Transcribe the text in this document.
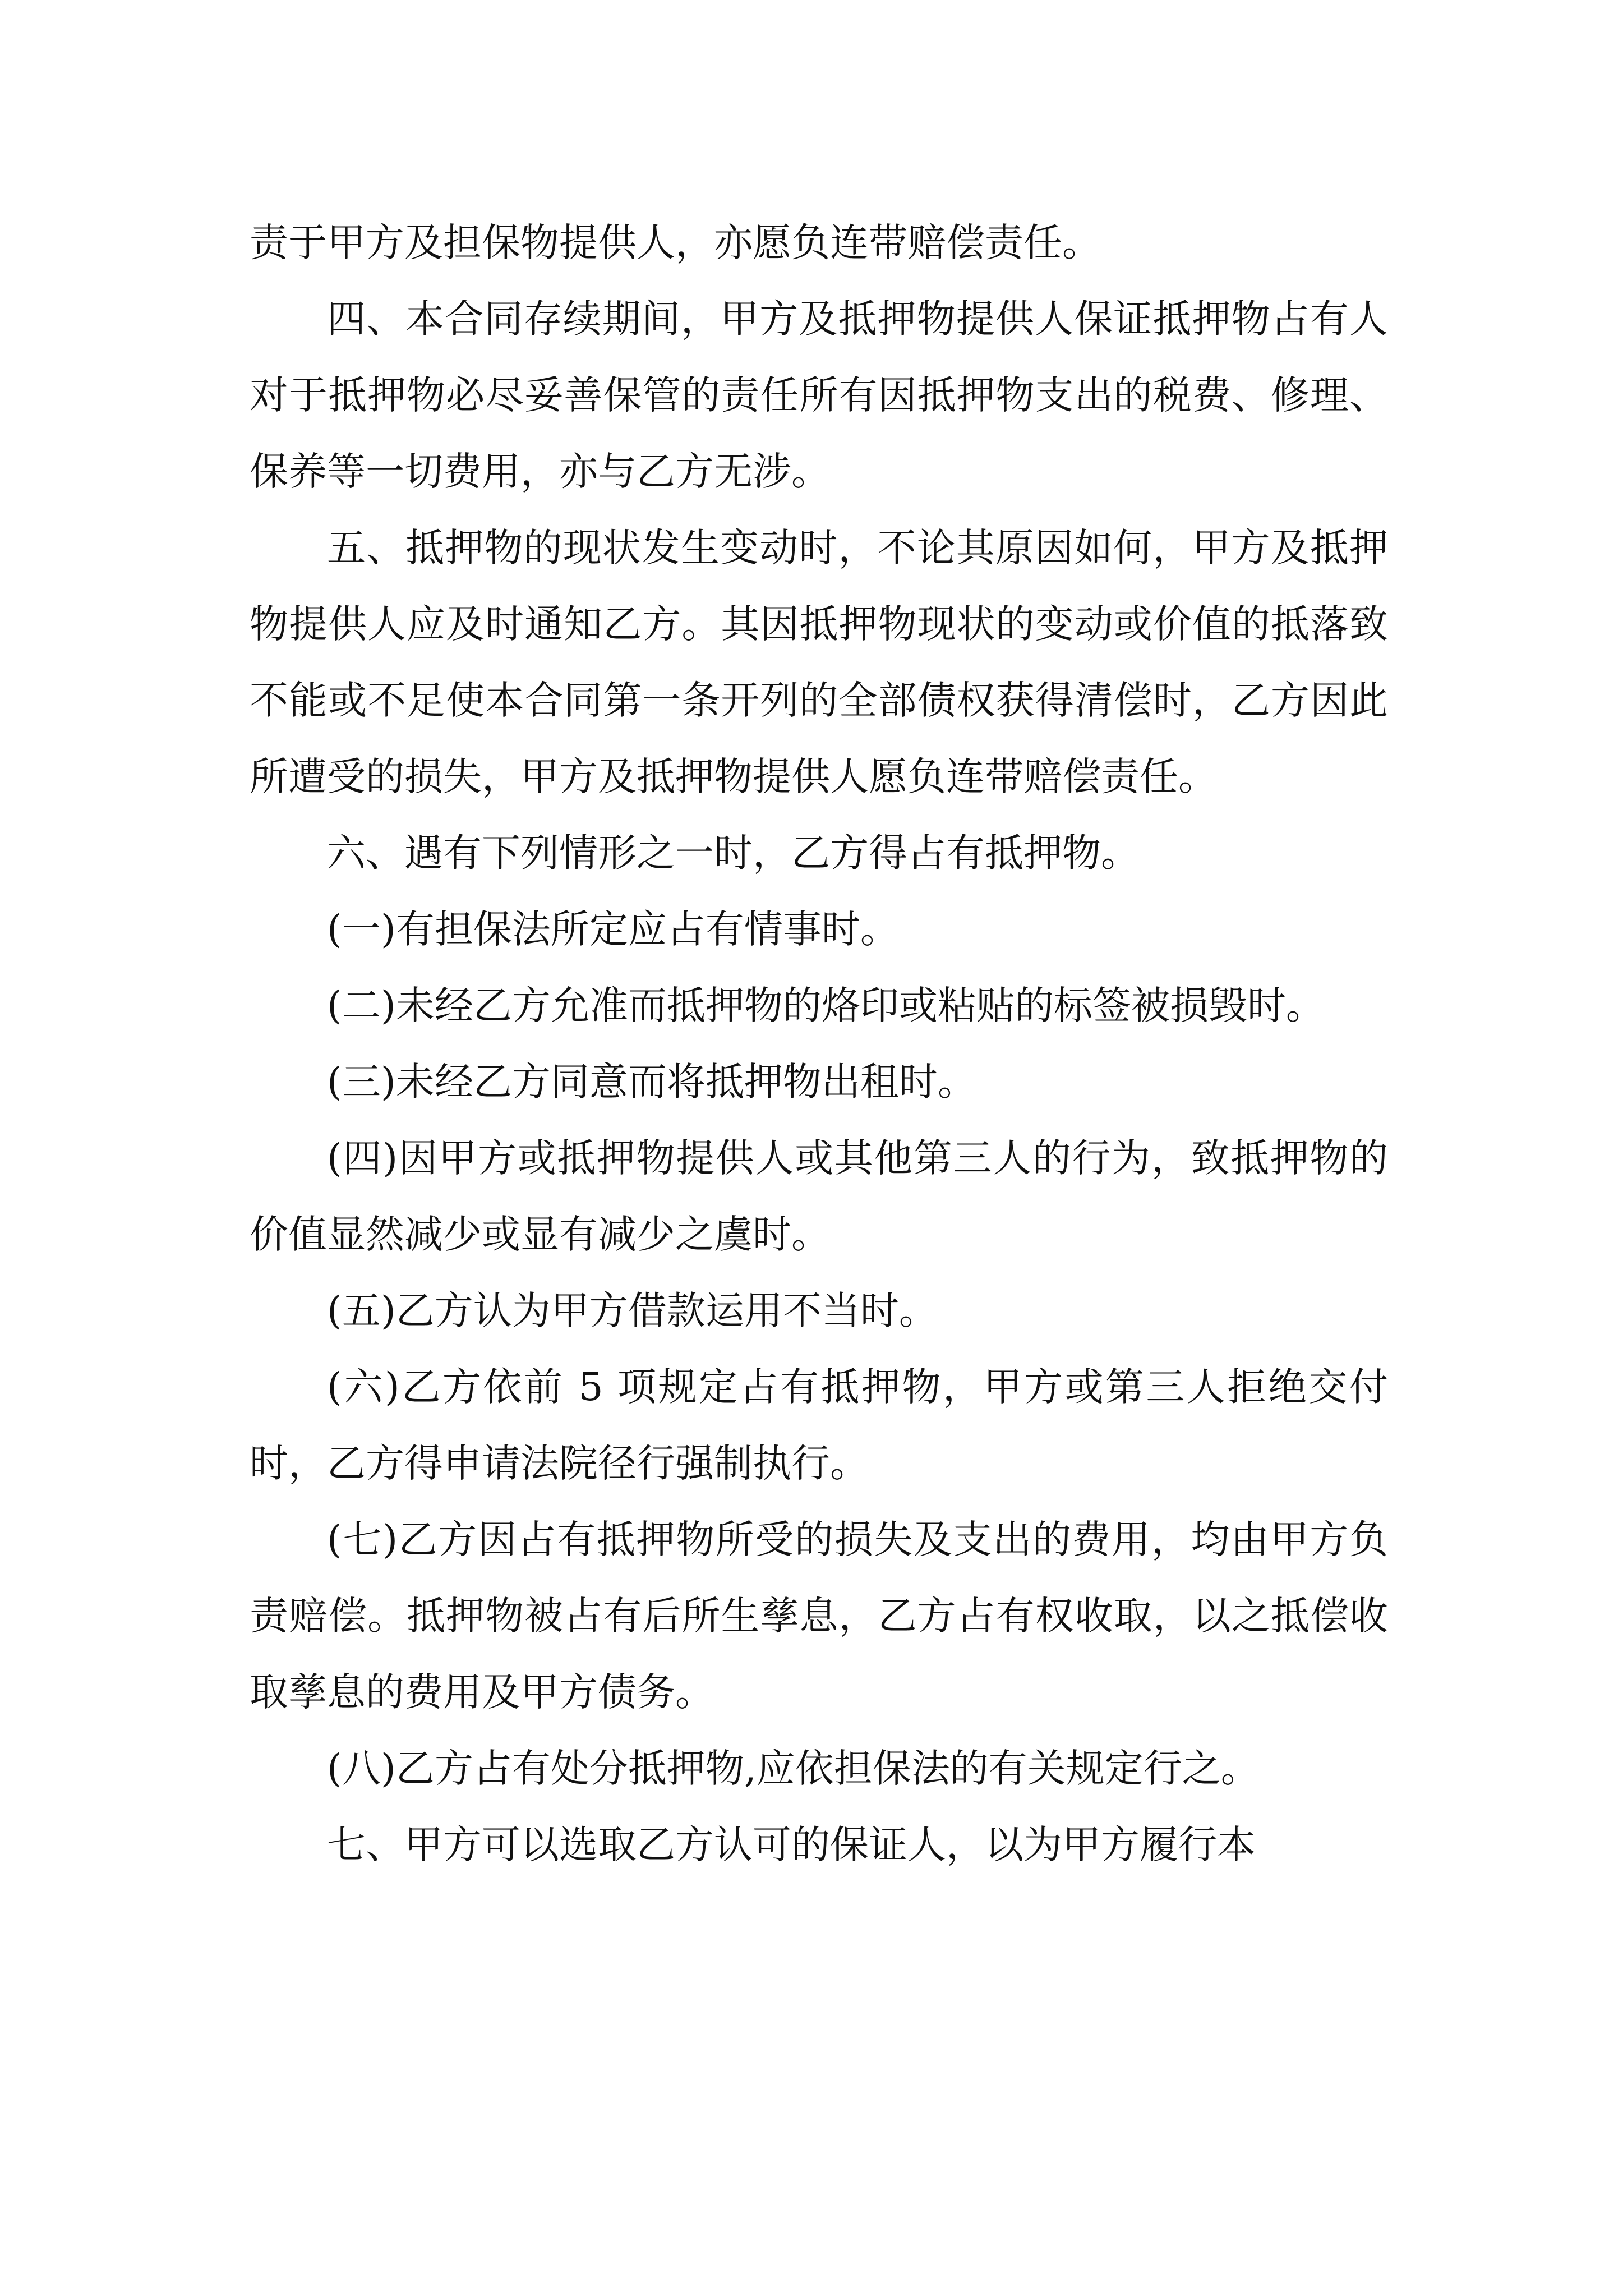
责于甲方及担保物提供人，亦愿负连带赔偿责任。

四、本合同存续期间，甲方及抵押物提供人保证抵押物占有人对于抵押物必尽妥善保管的责任所有因抵押物支出的税费、修理、保养等一切费用，亦与乙方无涉。

五、抵押物的现状发生变动时，不论其原因如何，甲方及抵押物提供人应及时通知乙方。其因抵押物现状的变动或价值的抵落致不能或不足使本合同第一条开列的全部债权获得清偿时，乙方因此所遭受的损失，甲方及抵押物提供人愿负连带赔偿责任。

六、遇有下列情形之一时，乙方得占有抵押物。

(一)有担保法所定应占有情事时。

(二)未经乙方允准而抵押物的烙印或粘贴的标签被损毁时。

(三)未经乙方同意而将抵押物出租时。

(四)因甲方或抵押物提供人或其他第三人的行为，致抵押物的价值显然减少或显有减少之虞时。

(五)乙方认为甲方借款运用不当时。

(六)乙方依前 5 项规定占有抵押物，甲方或第三人拒绝交付时，乙方得申请法院径行强制执行。

(七)乙方因占有抵押物所受的损失及支出的费用，均由甲方负责赔偿。抵押物被占有后所生孳息，乙方占有权收取，以之抵偿收取孳息的费用及甲方债务。

(八)乙方占有处分抵押物,应依担保法的有关规定行之。

七、甲方可以选取乙方认可的保证人，以为甲方履行本
